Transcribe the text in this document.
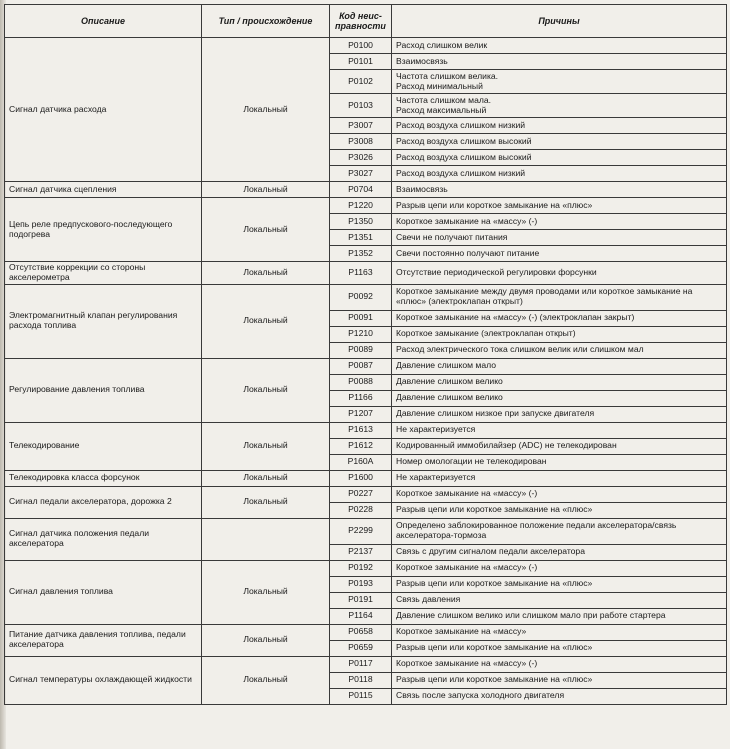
Описание	Тип / происхождение	Код неис-правности	Причины
Сигнал датчика расхода	Локальный	P0100	Расход слишком велик
		P0101	Взаимосвязь
		P0102	Частота слишком велика.
Расход минимальный
		P0103	Частота слишком мала.
Расход максимальный
		P3007	Расход воздуха слишком низкий
		P3008	Расход воздуха слишком высокий
		P3026	Расход воздуха слишком высокий
		P3027	Расход воздуха слишком низкий
Сигнал датчика сцепления	Локальный	P0704	Взаимосвязь
Цепь реле предпускового-последующего подогрева	Локальный	P1220	Разрыв цепи или короткое замыкание на «плюс»
		P1350	Короткое замыкание на «массу» (-)
		P1351	Свечи не получают питания
		P1352	Свечи постоянно получают питание
Отсутствие коррекции со стороны акселерометра	Локальный	P1163	Отсутствие периодической регулировки форсунки
Электромагнитный клапан регулирования расхода топлива	Локальный	P0092	Короткое замыкание между двумя проводами или короткое замыкание на «плюс» (электроклапан открыт)
		P0091	Короткое замыкание на «массу» (-) (электроклапан закрыт)
		P1210	Короткое замыкание (электроклапан открыт)
		P0089	Расход электрического тока слишком велик или слишком мал
Регулирование давления топлива	Локальный	P0087	Давление слишком мало
		P0088	Давление слишком велико
		P1166	Давление слишком велико
		P1207	Давление слишком низкое при запуске двигателя
Телекодирование	Локальный	P1613	Не характеризуется
		P1612	Кодированный иммобилайзер (ADC) не телекодирован
		P160A	Номер омологации не телекодирован
Телекодировка класса форсунок	Локальный	P1600	Не характеризуется
Сигнал педали акселератора, дорожка 2	Локальный	P0227	Короткое замыкание на «массу» (-)
		P0228	Разрыв цепи или короткое замыкание на «плюс»
Сигнал датчика положения педали акселератора		P2299	Определено заблокированное положение педали акселератора/связь акселератора-тормоза
		P2137	Связь с другим сигналом педали акселератора
Сигнал давления топлива	Локальный	P0192	Короткое замыкание на «массу» (-)
		P0193	Разрыв цепи или короткое замыкание на «плюс»
		P0191	Связь давления
		P1164	Давление слишком велико или слишком мало при работе стартера
Питание датчика давления топлива, педали акселератора	Локальный	P0658	Короткое замыкание на «массу»
		P0659	Разрыв цепи или короткое замыкание на «плюс»
Сигнал температуры охлаждающей жидкости	Локальный	P0117	Короткое замыкание на «массу» (-)
		P0118	Разрыв цепи или короткое замыкание на «плюс»
		P0115	Связь после запуска холодного двигателя
